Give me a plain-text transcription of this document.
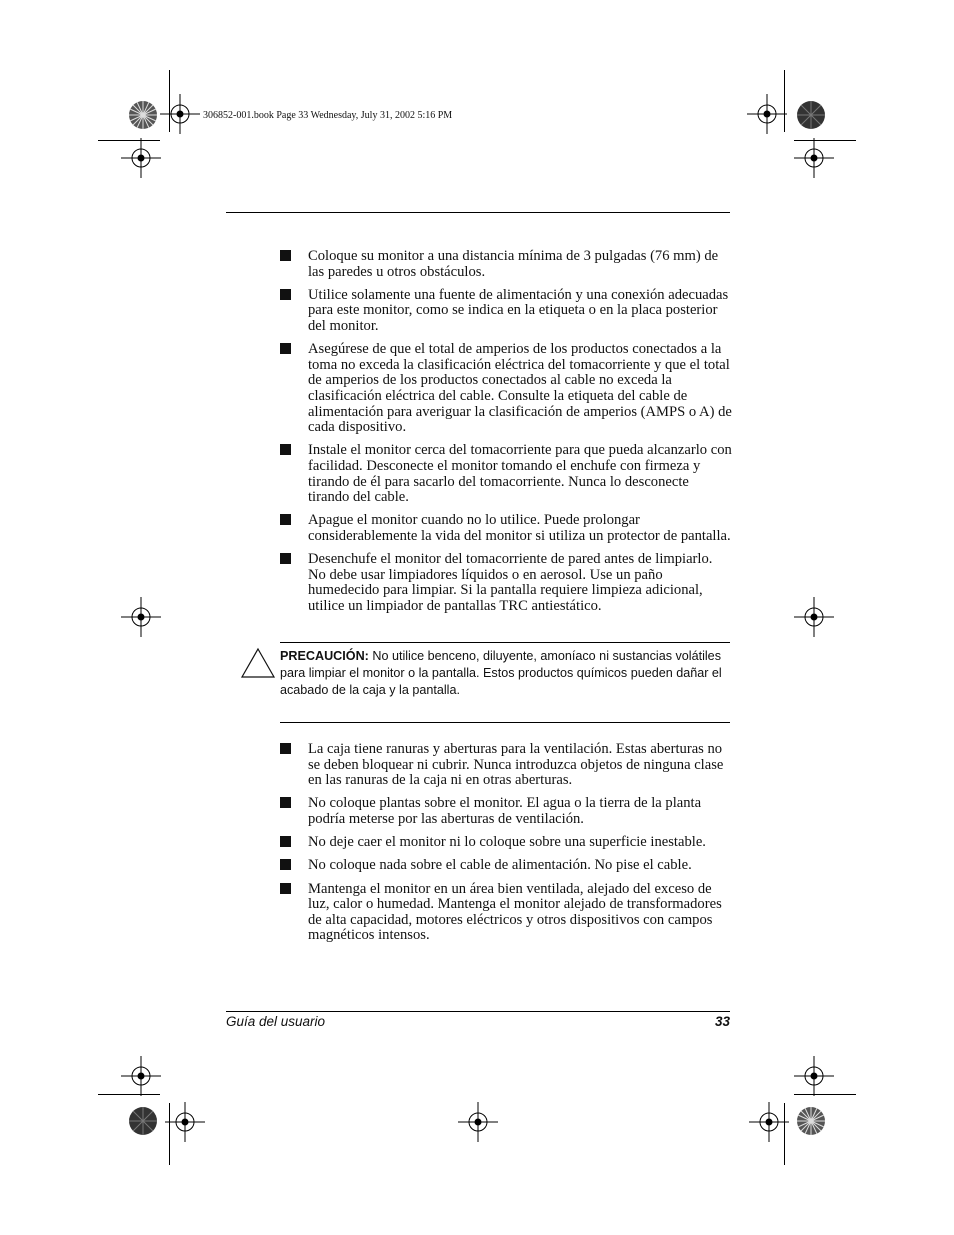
306852-001.book Page 33 Wednesday, July 31, 2002 5:16 PM
Coloque su monitor a una distancia mínima de 3 pulgadas (76 mm) de las paredes u otros obstáculos.
Utilice solamente una fuente de alimentación y una conexión adecuadas para este monitor, como se indica en la etiqueta o en la placa posterior del monitor.
Asegúrese de que el total de amperios de los productos conectados a la toma no exceda la clasificación eléctrica del tomacorriente y que el total de amperios de los productos conectados al cable no exceda la clasificación eléctrica del cable. Consulte la etiqueta del cable de alimentación para averiguar la clasificación de amperios (AMPS o A) de cada dispositivo.
Instale el monitor cerca del tomacorriente para que pueda alcanzarlo con facilidad. Desconecte el monitor tomando el enchufe con firmeza y tirando de él para sacarlo del tomacorriente. Nunca lo desconecte tirando del cable.
Apague el monitor cuando no lo utilice. Puede prolongar considerablemente la vida del monitor si utiliza un protector de pantalla.
Desenchufe el monitor del tomacorriente de pared antes de limpiarlo. No debe usar limpiadores líquidos o en aerosol. Use un paño humedecido para limpiar. Si la pantalla requiere limpieza adicional, utilice un limpiador de pantallas TRC antiestático.
PRECAUCIÓN: No utilice benceno, diluyente, amoníaco ni sustancias volátiles para limpiar el monitor o la pantalla. Estos productos químicos pueden dañar el acabado de la caja y la pantalla.
La caja tiene ranuras y aberturas para la ventilación. Estas aberturas no se deben bloquear ni cubrir. Nunca introduzca objetos de ninguna clase en las ranuras de la caja ni en otras aberturas.
No coloque plantas sobre el monitor. El agua o la tierra de la planta podría meterse por las aberturas de ventilación.
No deje caer el monitor ni lo coloque sobre una superficie inestable.
No coloque nada sobre el cable de alimentación. No pise el cable.
Mantenga el monitor en un área bien ventilada, alejado del exceso de luz, calor o humedad. Mantenga el monitor alejado de transformadores de alta capacidad, motores eléctricos y otros dispositivos con campos magnéticos intensos.
Guía del usuario	33
